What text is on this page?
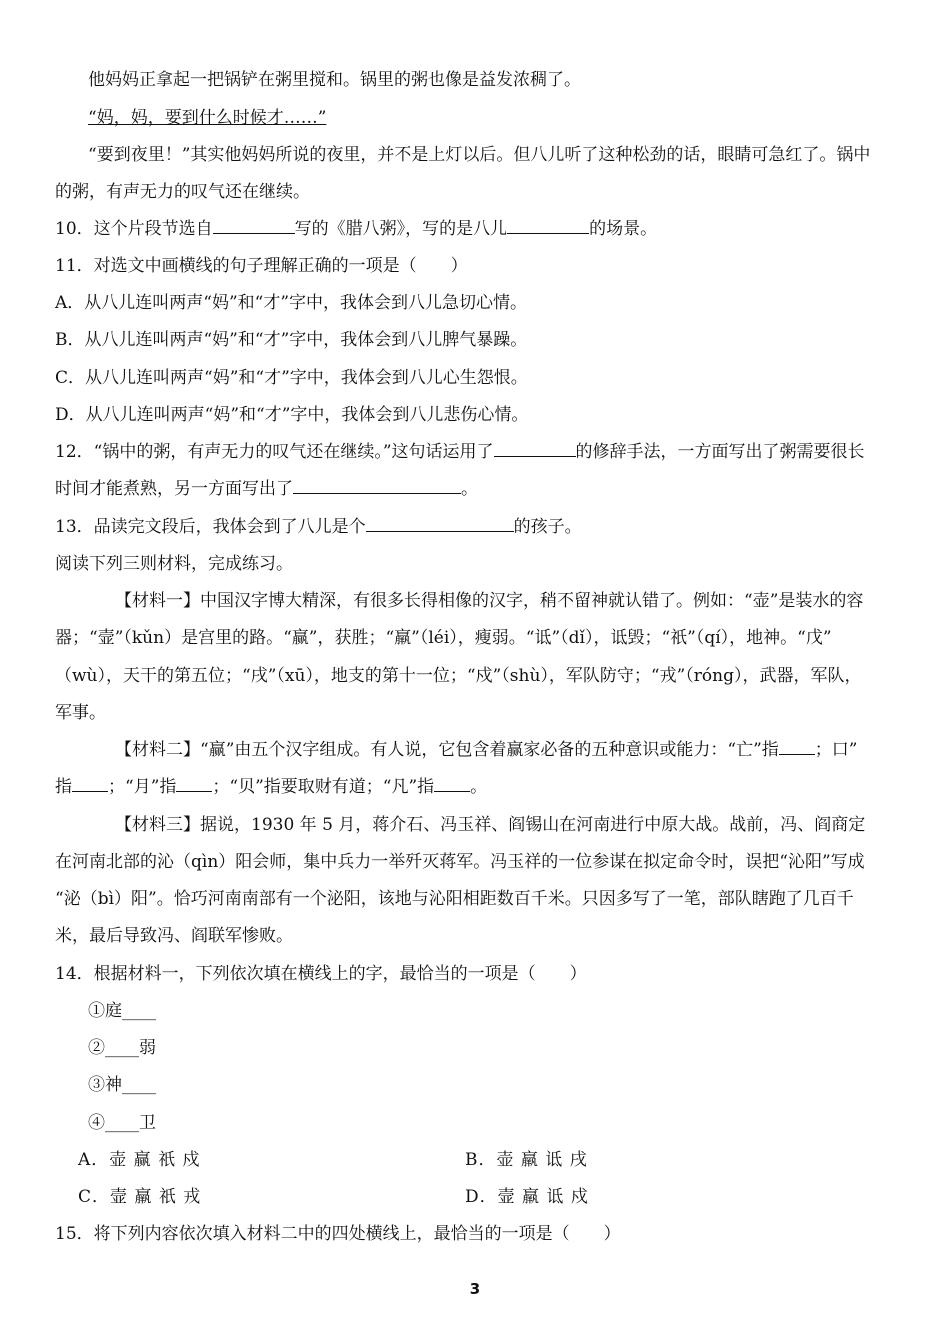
他妈妈正拿起一把锅铲在粥里搅和。锅里的粥也像是益发浓稠了。
“妈，妈，要到什么时候才……”
“要到夜里！”其实他妈妈所说的夜里，并不是上灯以后。但八儿听了这种松劲的话，眼睛可急红了。锅中
的粥，有声无力的叹气还在继续。
10．这个片段节选自	写的《腊八粥》，写的是八儿	的场景。
11．对选文中画横线的句子理解正确的一项是（　　）
A．从八儿连叫两声“妈”和“才”字中，我体会到八儿急切心情。
B．从八儿连叫两声“妈”和“才”字中，我体会到八儿脾气暴躁。
C．从八儿连叫两声“妈”和“才”字中，我体会到八儿心生怨恨。
D．从八儿连叫两声“妈”和“才”字中，我体会到八儿悲伤心情。
12．“锅中的粥，有声无力的叹气还在继续。”这句话运用了	的修辞手法，一方面写出了粥需要很长
时间才能煮熟，另一方面写出了	。
13．品读完文段后，我体会到了八儿是个	的孩子。
阅读下列三则材料，完成练习。
【材料一】中国汉字博大精深，有很多长得相像的汉字，稍不留神就认错了。例如：“壶”是装水的容
器；“壸”（kǔn）是宫里的路。“赢”，获胜；“羸”（léi），瘦弱。“诋”（dǐ），诋毁；“祇”（qí），地神。“戊”
（wù），天干的第五位；“戌”（xū），地支的第十一位；“戍”（shù），军队防守；“戎”（róng），武器，军队，
军事。
【材料二】“赢”由五个汉字组成。有人说，它包含着赢家必备的五种意识或能力：“亡”指 ；口”
指 ；“月”指 ；“贝”指要取财有道；“凡”指 。
【材料三】据说，1930 年 5 月，蒋介石、冯玉祥、阎锡山在河南进行中原大战。战前，冯、阎商定
在河南北部的沁（qìn）阳会师，集中兵力一举歼灭蒋军。冯玉祥的一位参谋在拟定命令时，误把“沁阳”写成
“泌（bì）阳”。恰巧河南南部有一个泌阳，该地与沁阳相距数百千米。只因多写了一笔，部队瞎跑了几百千
米，最后导致冯、阎联军惨败。
14．根据材料一，下列依次填在横线上的字，最恰当的一项是（　　）
①庭____
②____弱
③神____
④____卫
A．壶 赢 祇 戍	B．壶 羸 诋 戌
C．壸 羸 祇 戎	D．壸 羸 诋 戍
15．将下列内容依次填入材料二中的四处横线上，最恰当的一项是（　　）
3
